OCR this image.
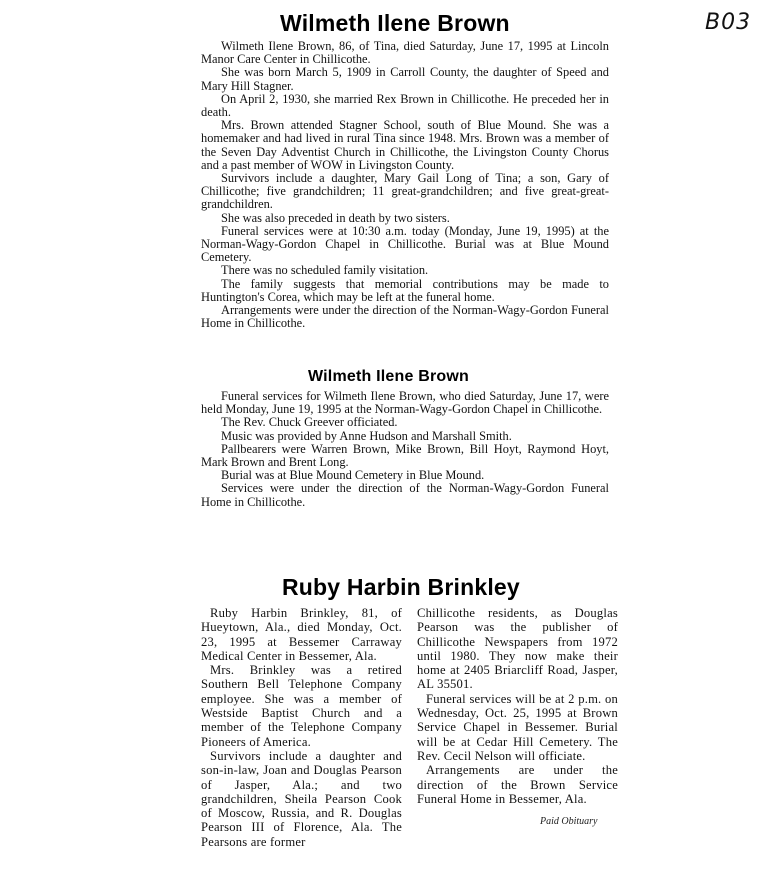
B03
Wilmeth Ilene Brown

Wilmeth Ilene Brown, 86, of Tina, died Saturday, June 17, 1995 at Lincoln Manor Care Center in Chillicothe.

She was born March 5, 1909 in Carroll County, the daughter of Speed and Mary Hill Stagner.

On April 2, 1930, she married Rex Brown in Chillicothe. He preceded her in death.

Mrs. Brown attended Stagner School, south of Blue Mound. She was a homemaker and had lived in rural Tina since 1948. Mrs. Brown was a member of the Seven Day Adventist Church in Chillicothe, the Livingston County Chorus and a past member of WOW in Livingston County.

Survivors include a daughter, Mary Gail Long of Tina; a son, Gary of Chillicothe; five grandchildren; 11 great-grandchildren; and five great-great-grandchildren.

She was also preceded in death by two sisters.

Funeral services were at 10:30 a.m. today (Monday, June 19, 1995) at the Norman-Wagy-Gordon Chapel in Chillicothe. Burial was at Blue Mound Cemetery.

There was no scheduled family visitation.

The family suggests that memorial contributions may be made to Huntington's Corea, which may be left at the funeral home.

Arrangements were under the direction of the Norman-Wagy-Gordon Funeral Home in Chillicothe.

Wilmeth Ilene Brown

Funeral services for Wilmeth Ilene Brown, who died Saturday, June 17, were held Monday, June 19, 1995 at the Norman-Wagy-Gordon Chapel in Chillicothe.

The Rev. Chuck Greever officiated.

Music was provided by Anne Hudson and Marshall Smith.

Pallbearers were Warren Brown, Mike Brown, Bill Hoyt, Raymond Hoyt, Mark Brown and Brent Long.

Burial was at Blue Mound Cemetery in Blue Mound.

Services were under the direction of the Norman-Wagy-Gordon Funeral Home in Chillicothe.

Ruby Harbin Brinkley

Ruby Harbin Brinkley, 81, of Hueytown, Ala., died Monday, Oct. 23, 1995 at Bessemer Carraway Medical Center in Bessemer, Ala.

Mrs. Brinkley was a retired Southern Bell Telephone Company employee. She was a member of Westside Baptist Church and a member of the Telephone Company Pioneers of America.

Survivors include a daughter and son-in-law, Joan and Douglas Pearson of Jasper, Ala.; and two grandchildren, Sheila Pearson Cook of Moscow, Russia, and R. Douglas Pearson III of Florence, Ala. The Pearsons are former

Chillicothe residents, as Douglas Pearson was the publisher of Chillicothe Newspapers from 1972 until 1980. They now make their home at 2405 Briarcliff Road, Jasper, AL 35501.

Funeral services will be at 2 p.m. on Wednesday, Oct. 25, 1995 at Brown Service Chapel in Bessemer. Burial will be at Cedar Hill Cemetery. The Rev. Cecil Nelson will officiate.

Arrangements are under the direction of the Brown Service Funeral Home in Bessemer, Ala.

Paid Obituary
